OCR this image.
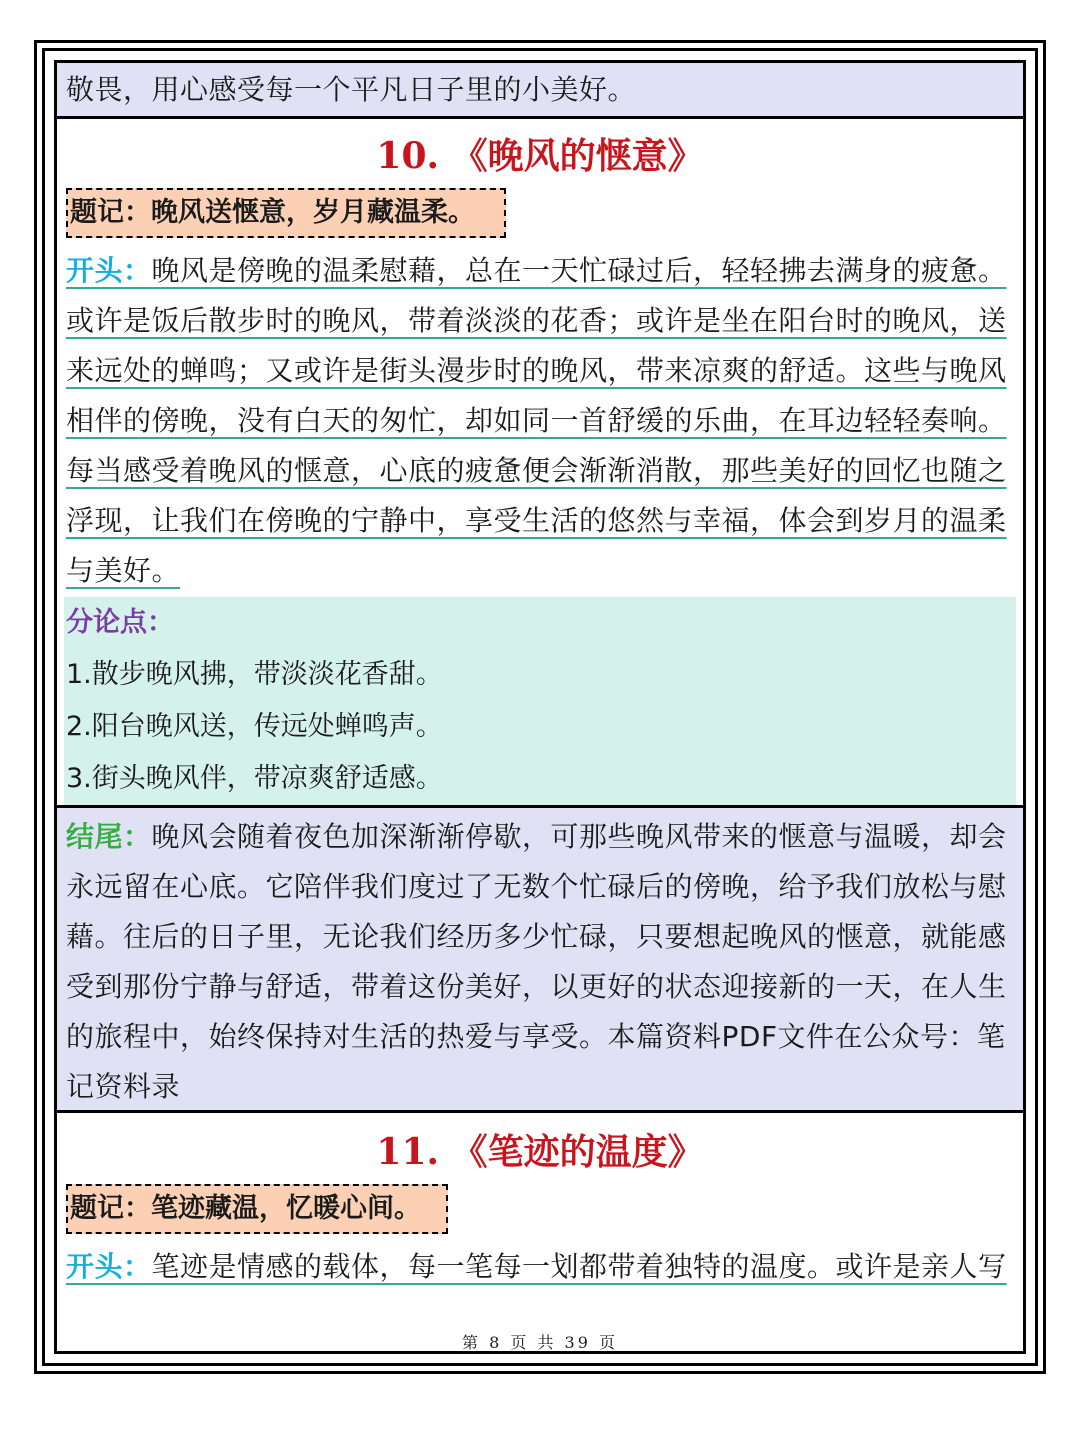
敬畏，用心感受每一个平凡日子里的小美好。
10. 《晚风的惬意》
题记：晚风送惬意，岁月藏温柔。
开头：晚风是傍晚的温柔慰藉，总在一天忙碌过后，轻轻拂去满身的疲惫。或许是饭后散步时的晚风，带着淡淡的花香；或许是坐在阳台时的晚风，送来远处的蝉鸣；又或许是街头漫步时的晚风，带来凉爽的舒适。这些与晚风相伴的傍晚，没有白天的匆忙，却如同一首舒缓的乐曲，在耳边轻轻奏响。每当感受着晚风的惬意，心底的疲惫便会渐渐消散，那些美好的回忆也随之浮现，让我们在傍晚的宁静中，享受生活的悠然与幸福，体会到岁月的温柔与美好。
分论点：
1.散步晚风拂，带淡淡花香甜。
2.阳台晚风送，传远处蝉鸣声。
3.街头晚风伴，带凉爽舒适感。
结尾：晚风会随着夜色加深渐渐停歇，可那些晚风带来的惬意与温暖，却会永远留在心底。它陪伴我们度过了无数个忙碌后的傍晚，给予我们放松与慰藉。往后的日子里，无论我们经历多少忙碌，只要想起晚风的惬意，就能感受到那份宁静与舒适，带着这份美好，以更好的状态迎接新的一天，在人生的旅程中，始终保持对生活的热爱与享受。本篇资料PDF文件在公众号：笔记资料录
11. 《笔迹的温度》
题记：笔迹藏温，忆暖心间。
开头：笔迹是情感的载体，每一笔每一划都带着独特的温度。或许是亲人写
第 8 页 共 39 页
